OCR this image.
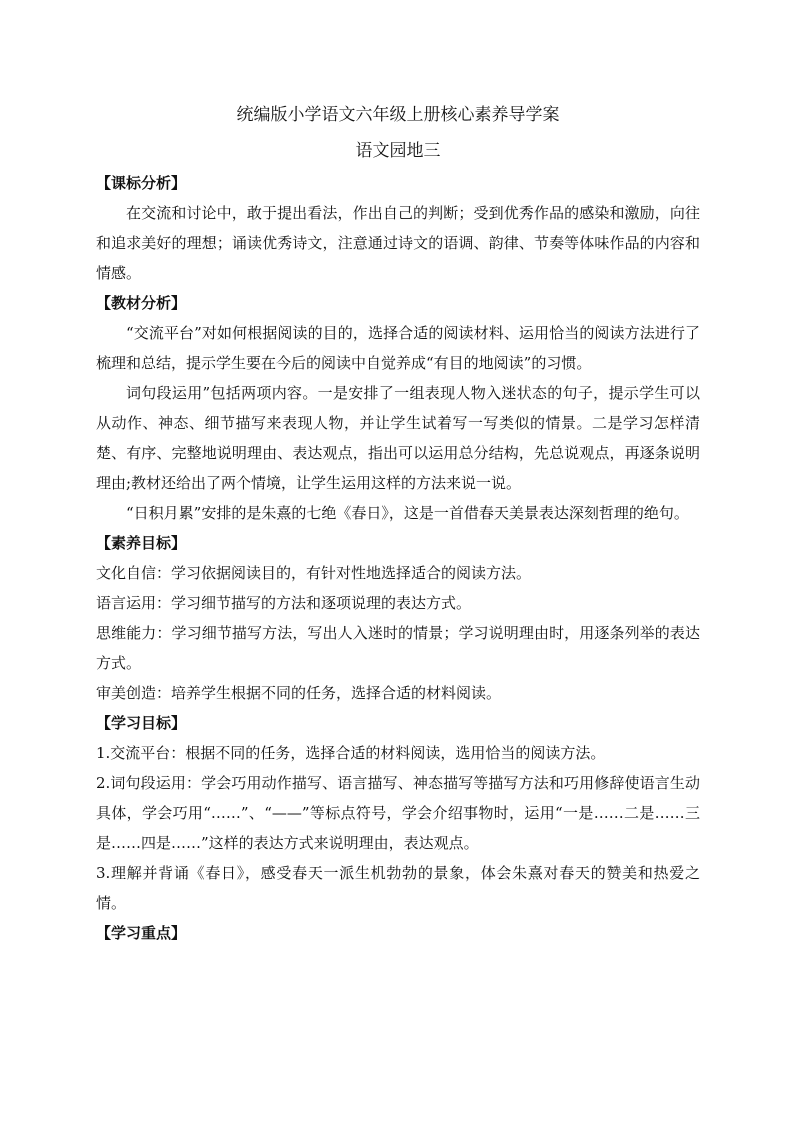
统编版小学语文六年级上册核心素养导学案
语文园地三
【课标分析】

在交流和讨论中，敢于提出看法，作出自己的判断；受到优秀作品的感染和激励，向往和追求美好的理想；诵读优秀诗文，注意通过诗文的语调、韵律、节奏等体味作品的内容和情感。

【教材分析】

“交流平台”对如何根据阅读的目的，选择合适的阅读材料、运用恰当的阅读方法进行了梳理和总结，提示学生要在今后的阅读中自觉养成“有目的地阅读”的习惯。

词句段运用”包括两项内容。一是安排了一组表现人物入迷状态的句子，提示学生可以从动作、神态、细节描写来表现人物，并让学生试着写一写类似的情景。二是学习怎样清楚、有序、完整地说明理由、表达观点，指出可以运用总分结构，先总说观点，再逐条说明理由;教材还给出了两个情境，让学生运用这样的方法来说一说。

“日积月累”安排的是朱熹的七绝《春日》，这是一首借春天美景表达深刻哲理的绝句。

【素养目标】

文化自信：学习依据阅读目的，有针对性地选择适合的阅读方法。

语言运用：学习细节描写的方法和逐项说理的表达方式。

思维能力：学习细节描写方法，写出人入迷时的情景；学习说明理由时，用逐条列举的表达方式。

审美创造：培养学生根据不同的任务，选择合适的材料阅读。

【学习目标】

1.交流平台：根据不同的任务，选择合适的材料阅读，选用恰当的阅读方法。

2.词句段运用：学会巧用动作描写、语言描写、神态描写等描写方法和巧用修辞使语言生动具体，学会巧用“……”、“——”等标点符号，学会介绍事物时，运用“一是……二是……三是……四是……”这样的表达方式来说明理由，表达观点。

3.理解并背诵《春日》，感受春天一派生机勃勃的景象，体会朱熹对春天的赞美和热爱之情。

【学习重点】
